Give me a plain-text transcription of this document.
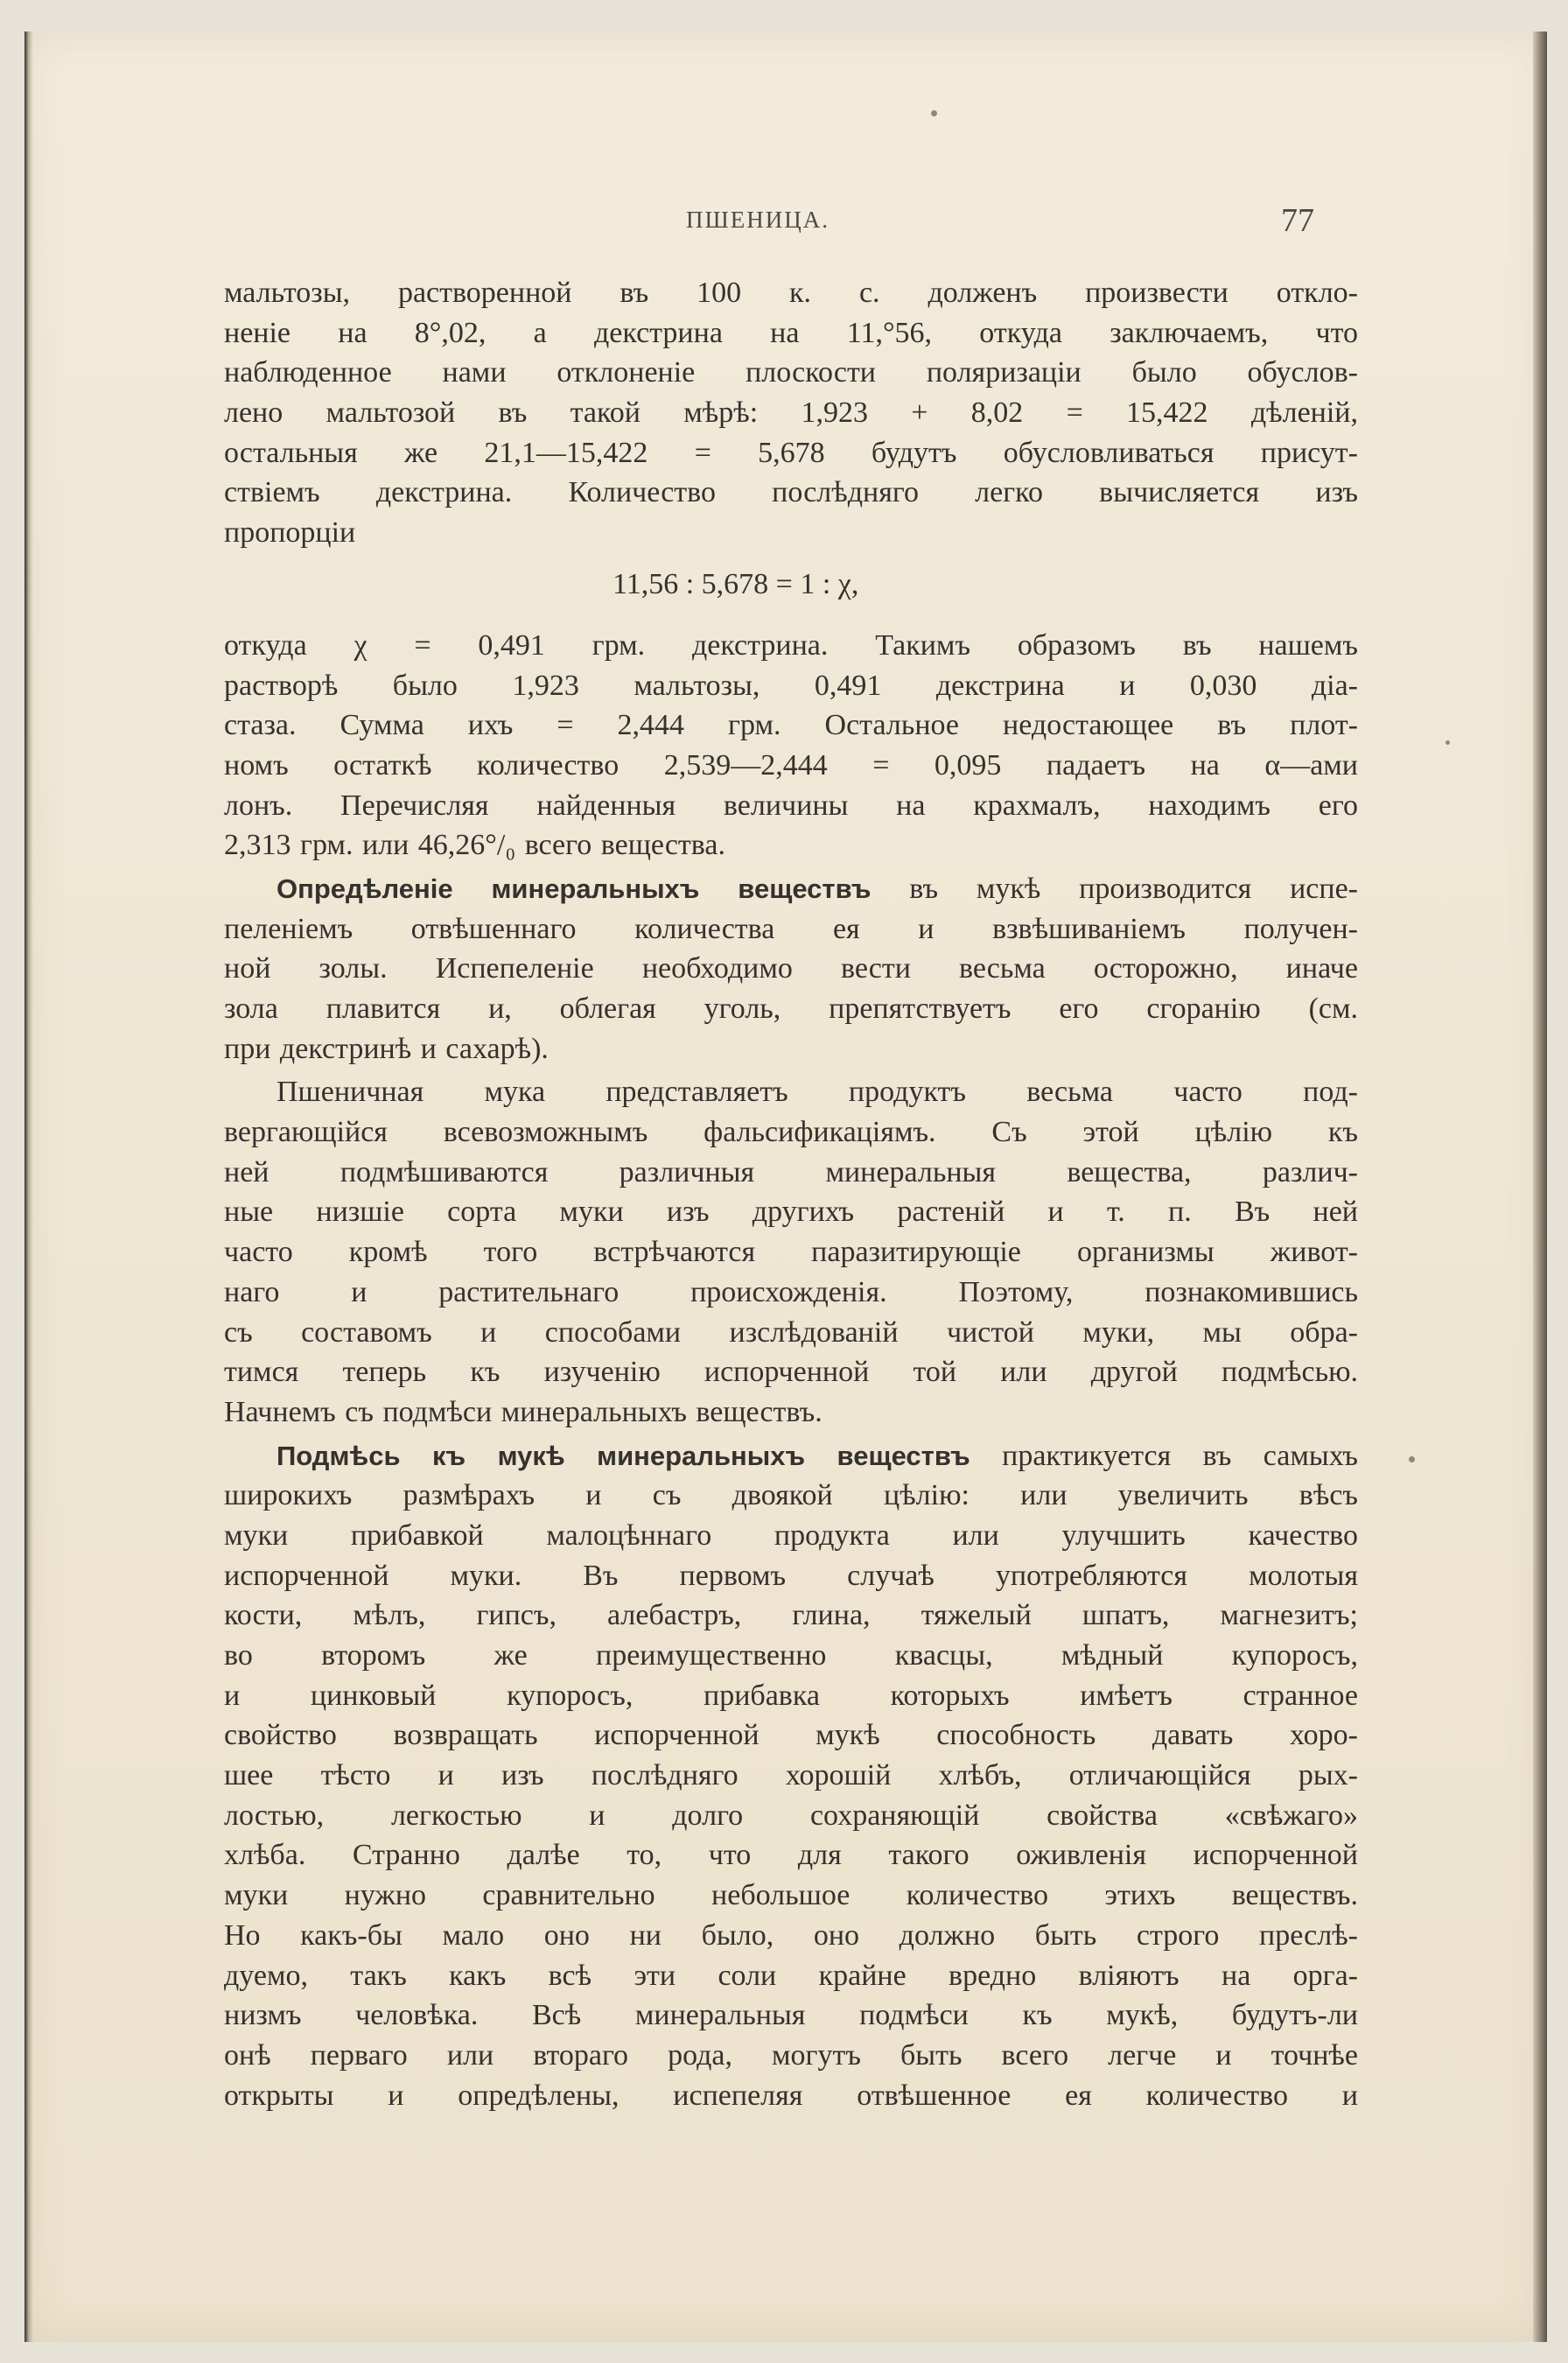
ПШЕНИЦА.	77
мальтозы, растворенной въ 100 к. с. долженъ произвести откло-
неніе на 8°,02, а декстрина на 11,°56, откуда заключаемъ, что
наблюденное нами отклоненіе плоскости поляризаціи было обуслов-
лено мальтозой въ такой мѣрѣ: 1,923 + 8,02 = 15,422 дѣленій,
остальныя же 21,1—15,422 = 5,678 будутъ обусловливаться присут-
ствіемъ декстрина. Количество послѣдняго легко вычисляется изъ
пропорціи
11,56 : 5,678 = 1 : χ,
откуда χ = 0,491 грм. декстрина. Такимъ образомъ въ нашемъ
растворѣ было 1,923 мальтозы, 0,491 декстрина и 0,030 діа-
стаза. Сумма ихъ = 2,444 грм. Остальное недостающее въ плот-
номъ остаткѣ количество 2,539—2,444 = 0,095 падаетъ на α—ами
лонъ. Перечисляя найденныя величины на крахмалъ, находимъ его
2,313 грм. или 46,26°/₀ всего вещества.
Опредѣленіе минеральныхъ веществъ въ мукѣ производится испе-
пеленіемъ отвѣшеннаго количества ея и взвѣшиваніемъ получен-
ной золы. Испепеленіе необходимо вести весьма осторожно, иначе
зола плавится и, облегая уголь, препятствуетъ его сгоранію (см.
при декстринѣ и сахарѣ).
Пшеничная мука представляетъ продуктъ весьма часто под-
вергающійся всевозможнымъ фальсификаціямъ. Съ этой цѣлію къ
ней подмѣшиваются различныя минеральныя вещества, различ-
ные низшіе сорта муки изъ другихъ растеній и т. п. Въ ней
часто кромѣ того встрѣчаются паразитирующіе организмы живот-
наго и растительнаго происхожденія. Поэтому, познакомившись
съ составомъ и способами изслѣдованій чистой муки, мы обра-
тимся теперь къ изученію испорченной той или другой подмѣсью.
Начнемъ съ подмѣси минеральныхъ веществъ.
Подмѣсь къ мукѣ минеральныхъ веществъ практикуется въ самыхъ
широкихъ размѣрахъ и съ двоякой цѣлію: или увеличить вѣсъ
муки прибавкой малоцѣннаго продукта или улучшить качество
испорченной муки. Въ первомъ случаѣ употребляются молотыя
кости, мѣлъ, гипсъ, алебастръ, глина, тяжелый шпатъ, магнезитъ;
во второмъ же преимущественно квасцы, мѣдный купоросъ,
и цинковый купоросъ, прибавка которыхъ имѣетъ странное
свойство возвращать испорченной мукѣ способность давать хоро-
шее тѣсто и изъ послѣдняго хорошій хлѣбъ, отличающійся рых-
лостью, легкостью и долго сохраняющій свойства «свѣжаго»
хлѣба. Странно далѣе то, что для такого оживленія испорченной
муки нужно сравнительно небольшое количество этихъ веществъ.
Но какъ-бы мало оно ни было, оно должно быть строго преслѣ-
дуемо, такъ какъ всѣ эти соли крайне вредно вліяютъ на орга-
низмъ человѣка. Всѣ минеральныя подмѣси къ мукѣ, будутъ-ли
онѣ перваго или втораго рода, могутъ быть всего легче и точнѣе
открыты и опредѣлены, испепеляя отвѣшенное ея количество и
